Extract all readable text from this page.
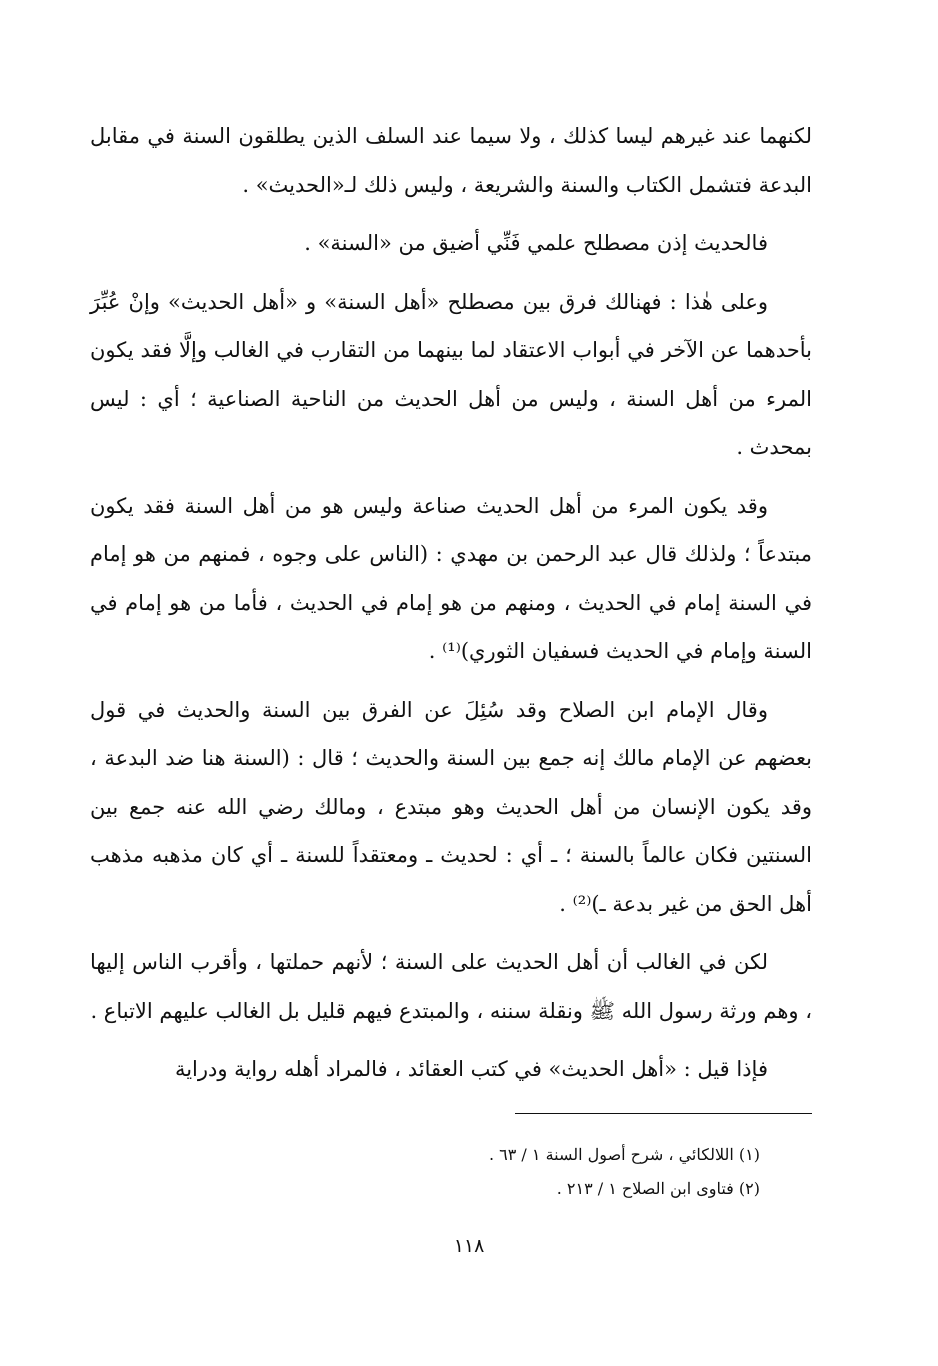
لكنهما عند غيرهم ليسا كذلك ، ولا سيما عند السلف الذين يطلقون السنة في مقابل البدعة فتشمل الكتاب والسنة والشريعة ، وليس ذلك لـ«الحديث» .

فالحديث إذن مصطلح علمي فَنِّي أضيق من «السنة» .

وعلى هٰذا : فهنالك فرق بين مصطلح «أهل السنة» و «أهل الحديث» وإنْ عُبِّرَ بأحدهما عن الآخر في أبواب الاعتقاد لما بينهما من التقارب في الغالب وإلَّا فقد يكون المرء من أهل السنة ، وليس من أهل الحديث من الناحية الصناعية ؛ أي : ليس بمحدث .

وقد يكون المرء من أهل الحديث صناعة وليس هو من أهل السنة فقد يكون مبتدعاً ؛ ولذلك قال عبد الرحمن بن مهدي : (الناس على وجوه ، فمنهم من هو إمام في السنة إمام في الحديث ، ومنهم من هو إمام في الحديث ، فأما من هو إمام في السنة وإمام في الحديث فسفيان الثوري)⁽¹⁾ .

وقال الإمام ابن الصلاح وقد سُئِلَ عن الفرق بين السنة والحديث في قول بعضهم عن الإمام مالك إنه جمع بين السنة والحديث ؛ قال : (السنة هنا ضد البدعة ، وقد يكون الإنسان من أهل الحديث وهو مبتدع ، ومالك رضي الله عنه جمع بين السنتين فكان عالماً بالسنة ؛ ـ أي : لحديث ـ ومعتقداً للسنة ـ أي كان مذهبه مذهب أهل الحق من غير بدعة ـ)⁽²⁾ .

لكن في الغالب أن أهل الحديث على السنة ؛ لأنهم حملتها ، وأقرب الناس إليها ، وهم ورثة رسول الله ﷺ ونقلة سننه ، والمبتدع فيهم قليل بل الغالب عليهم الاتباع .

فإذا قيل : «أهل الحديث» في كتب العقائد ، فالمراد أهله رواية ودراية

(١) اللالكائي ، شرح أصول السنة ١ / ٦٣ .

(٢) فتاوى ابن الصلاح ١ / ٢١٣ .

١١٨
